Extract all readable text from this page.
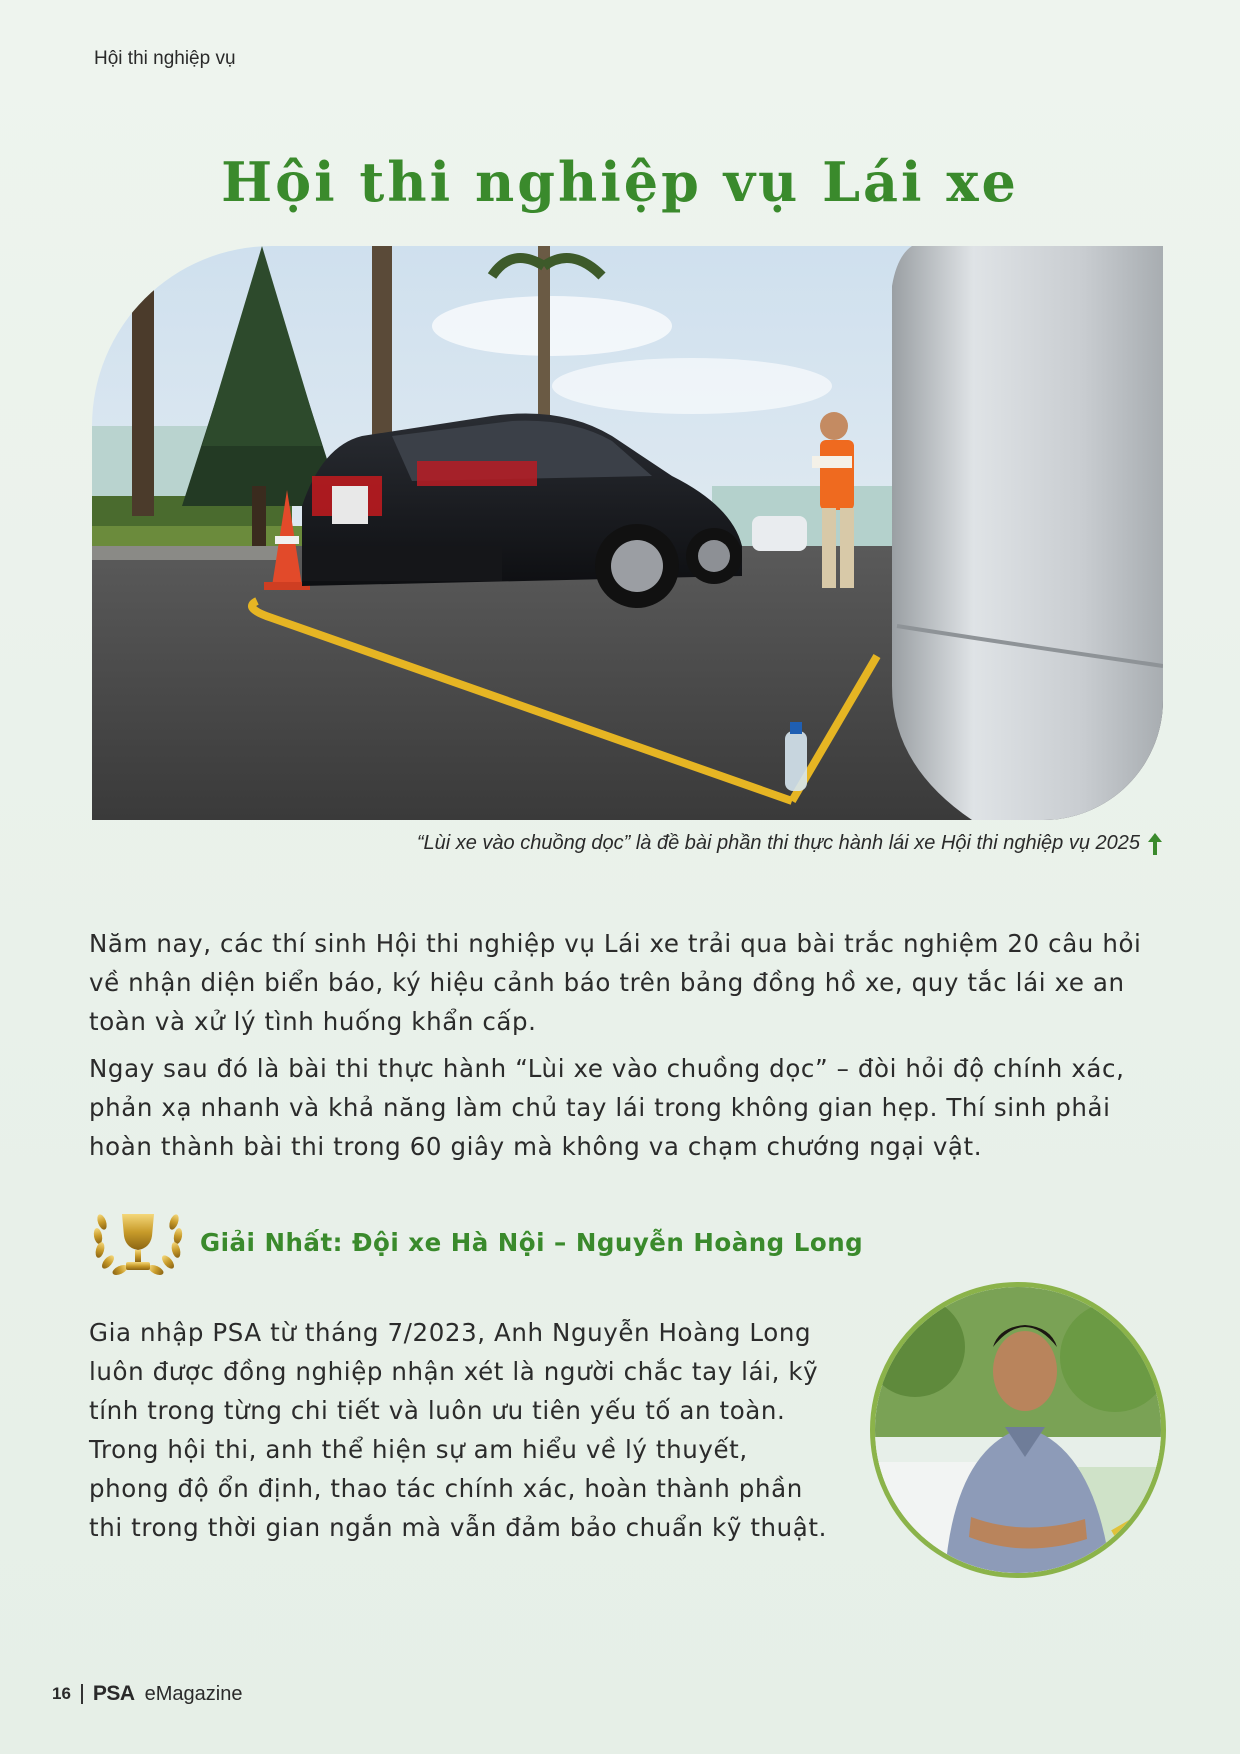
Hội thi nghiệp vụ
Hội thi nghiệp vụ Lái xe
“Lùi xe vào chuồng dọc” là đề bài phần thi thực hành lái xe Hội thi nghiệp vụ 2025

Năm nay, các thí sinh Hội thi nghiệp vụ Lái xe trải qua bài trắc nghiệm 20 câu hỏi về nhận diện biển báo, ký hiệu cảnh báo trên bảng đồng hồ xe, quy tắc lái xe an toàn và xử lý tình huống khẩn cấp.

Ngay sau đó là bài thi thực hành “Lùi xe vào chuồng dọc” – đòi hỏi độ chính xác, phản xạ nhanh và khả năng làm chủ tay lái trong không gian hẹp. Thí sinh phải hoàn thành bài thi trong 60 giây mà không va chạm chướng ngại vật.

Giải Nhất: Đội xe Hà Nội – Nguyễn Hoàng Long

Gia nhập PSA từ tháng 7/2023, Anh Nguyễn Hoàng Long luôn được đồng nghiệp nhận xét là người chắc tay lái, kỹ tính trong từng chi tiết và luôn ưu tiên yếu tố an toàn. Trong hội thi, anh thể hiện sự am hiểu về lý thuyết, phong độ ổn định, thao tác chính xác, hoàn thành phần thi trong thời gian ngắn mà vẫn đảm bảo chuẩn kỹ thuật.

16 PSA eMagazine
